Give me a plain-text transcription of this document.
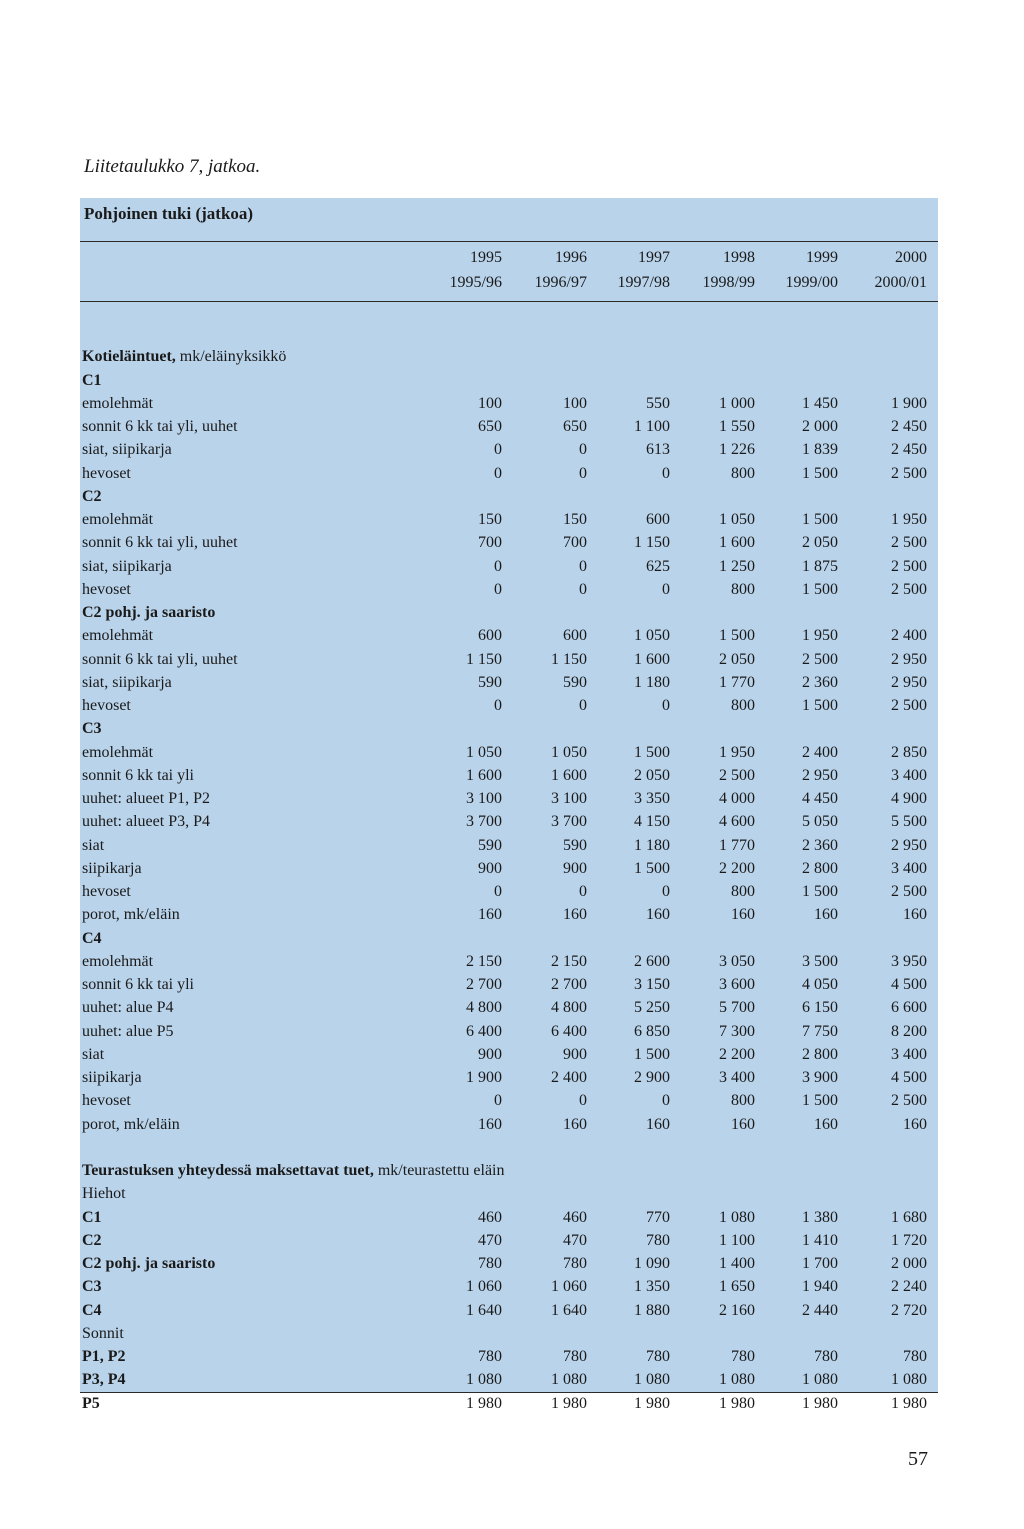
Liitetaulukko 7, jatkoa.
Pohjoinen tuki (jatkoa)
1995	1996	1997	1998	1999	2000
1995/96	1996/97	1997/98	1998/99	1999/00	2000/01
Kotieläintuet, mk/eläinyksikkö
C1
emolehmät	100	100	550	1 000	1 450	1 900
sonnit 6 kk tai yli, uuhet	650	650	1 100	1 550	2 000	2 450
siat, siipikarja	0	0	613	1 226	1 839	2 450
hevoset	0	0	0	800	1 500	2 500
C2
emolehmät	150	150	600	1 050	1 500	1 950
sonnit 6 kk tai yli, uuhet	700	700	1 150	1 600	2 050	2 500
siat, siipikarja	0	0	625	1 250	1 875	2 500
hevoset	0	0	0	800	1 500	2 500
C2 pohj. ja saaristo
emolehmät	600	600	1 050	1 500	1 950	2 400
sonnit 6 kk tai yli, uuhet	1 150	1 150	1 600	2 050	2 500	2 950
siat, siipikarja	590	590	1 180	1 770	2 360	2 950
hevoset	0	0	0	800	1 500	2 500
C3
emolehmät	1 050	1 050	1 500	1 950	2 400	2 850
sonnit 6 kk tai yli	1 600	1 600	2 050	2 500	2 950	3 400
uuhet: alueet P1, P2	3 100	3 100	3 350	4 000	4 450	4 900
uuhet: alueet P3, P4	3 700	3 700	4 150	4 600	5 050	5 500
siat	590	590	1 180	1 770	2 360	2 950
siipikarja	900	900	1 500	2 200	2 800	3 400
hevoset	0	0	0	800	1 500	2 500
porot, mk/eläin	160	160	160	160	160	160
C4
emolehmät	2 150	2 150	2 600	3 050	3 500	3 950
sonnit 6 kk tai yli	2 700	2 700	3 150	3 600	4 050	4 500
uuhet: alue P4	4 800	4 800	5 250	5 700	6 150	6 600
uuhet: alue P5	6 400	6 400	6 850	7 300	7 750	8 200
siat	900	900	1 500	2 200	2 800	3 400
siipikarja	1 900	2 400	2 900	3 400	3 900	4 500
hevoset	0	0	0	800	1 500	2 500
porot, mk/eläin	160	160	160	160	160	160
Teurastuksen yhteydessä maksettavat tuet, mk/teurastettu eläin
Hiehot
C1	460	460	770	1 080	1 380	1 680
C2	470	470	780	1 100	1 410	1 720
C2 pohj. ja saaristo	780	780	1 090	1 400	1 700	2 000
C3	1 060	1 060	1 350	1 650	1 940	2 240
C4	1 640	1 640	1 880	2 160	2 440	2 720
Sonnit
P1, P2	780	780	780	780	780	780
P3, P4	1 080	1 080	1 080	1 080	1 080	1 080
P5	1 980	1 980	1 980	1 980	1 980	1 980
57
